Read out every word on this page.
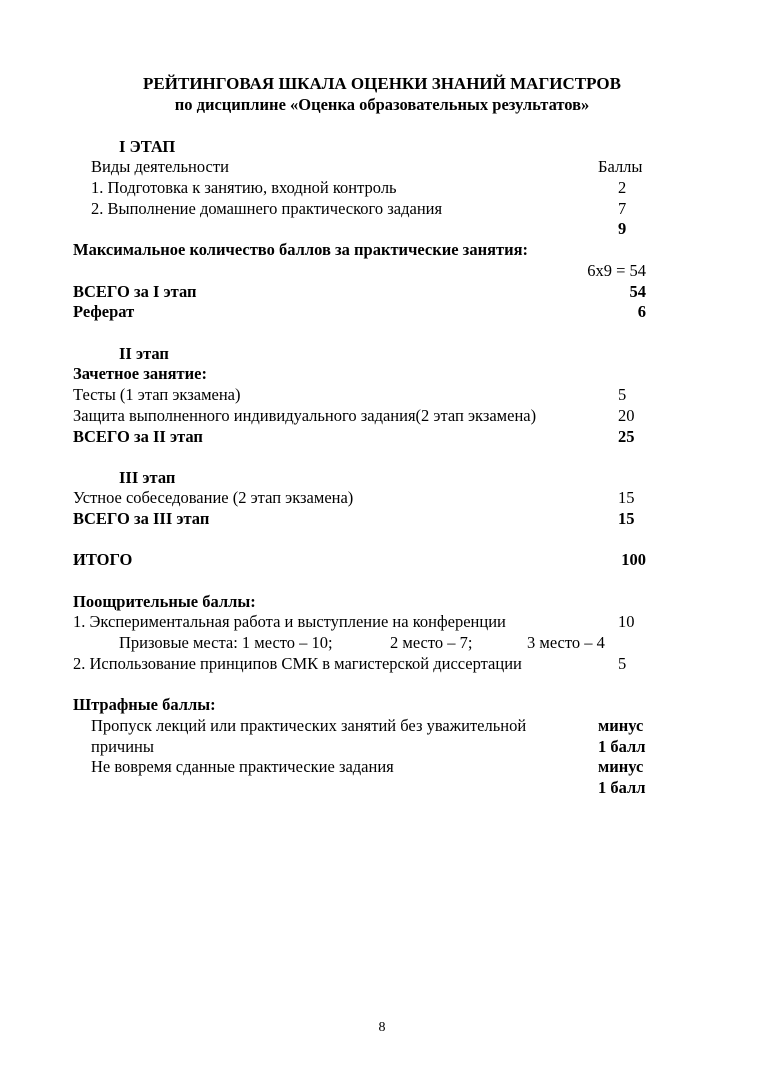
РЕЙТИНГОВАЯ ШКАЛА ОЦЕНКИ ЗНАНИЙ МАГИСТРОВ
по дисциплине «Оценка образовательных результатов»
I ЭТАП
Виды деятельности	Баллы
1. Подготовка к занятию, входной контроль	2
2. Выполнение домашнего практического задания	7
9
Максимальное количество баллов за практические занятия:
6x9 = 54
ВСЕГО за I этап	54
Реферат	6
II этап
Зачетное занятие:
Тесты (1 этап экзамена)	5
Защита выполненного индивидуального задания(2 этап экзамена)	20
ВСЕГО за II этап	25
III этап
Устное собеседование (2 этап экзамена)	15
ВСЕГО за III этап	15
ИТОГО	100
Поощрительные баллы:
1. Экспериментальная работа и выступление на конференции	10
Призовые места: 1 место – 10;	2 место – 7;	3 место – 4
2. Использование принципов СМК в магистерской диссертации	5
Штрафные баллы:
Пропуск лекций или практических занятий без уважительной	минус
причины	1 балл
Не вовремя сданные практические задания	минус
1 балл
8
